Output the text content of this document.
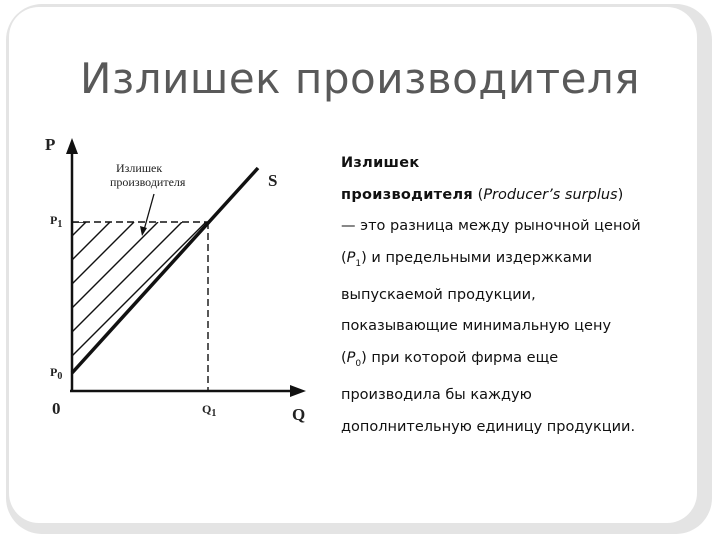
Излишек производителя
P
Q
0
S
$P_1$
$P_0$
$Q_1$
Излишек
производителя
Излишек
производителя (Producer’s surplus) — это разница между рыночной ценой $(P_1)$ и предельными издержками выпускаемой продукции, показывающие минимальную цену $(P_0)$ при которой фирма еще производила бы каждую дополнительную единицу продукции.
